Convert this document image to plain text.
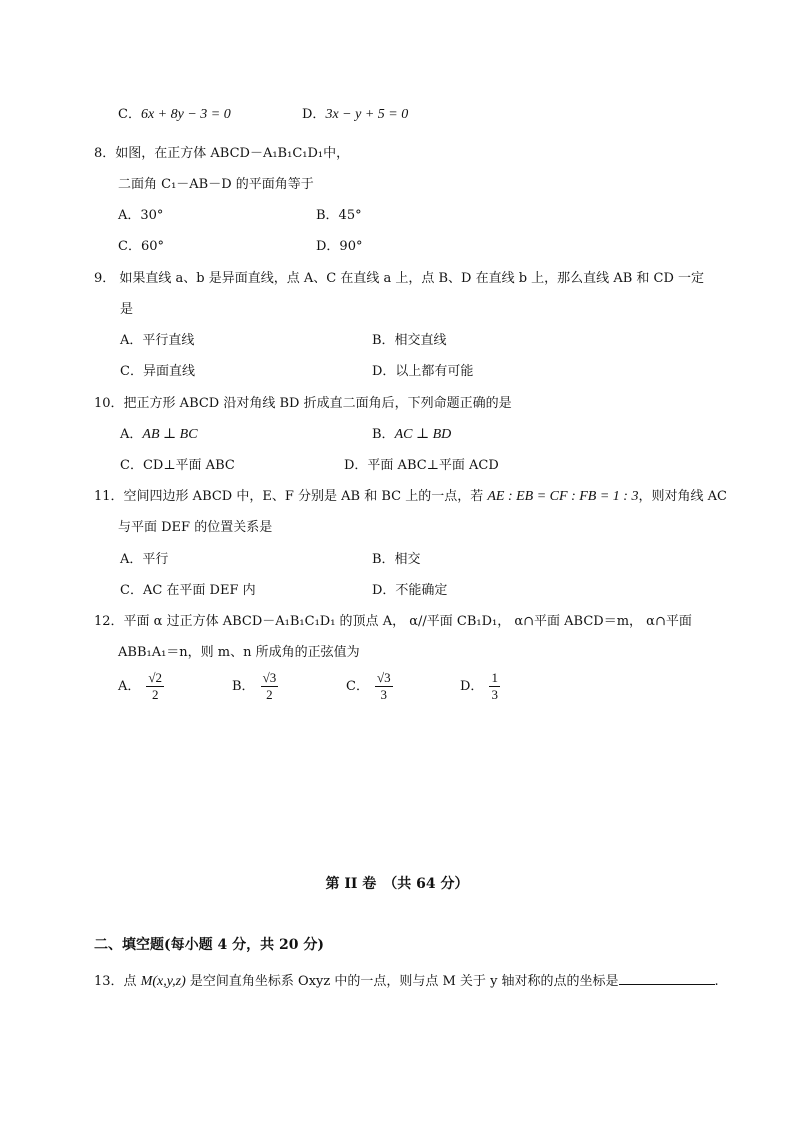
C．6x + 8y − 3 = 0	D．3x − y + 5 = 0
8．如图，在正方体 ABCD－A₁B₁C₁D₁中，
二面角 C₁－AB－D 的平面角等于
A．30°	B．45°
C．60°	D．90°
9． 如果直线 a、b 是异面直线，点 A、C 在直线 a 上，点 B、D 在直线 b 上，那么直线 AB 和 CD 一定
是
A．平行直线	B．相交直线
C．异面直线	D．以上都有可能
10．把正方形 ABCD 沿对角线 BD 折成直二面角后，下列命题正确的是
A．AB ⊥ BC	B．AC ⊥ BD
C．CD⊥平面 ABC	D．平面 ABC⊥平面 ACD
11．空间四边形 ABCD 中，E、F 分别是 AB 和 BC 上的一点，若 AE : EB = CF : FB = 1 : 3，则对角线 AC
与平面 DEF 的位置关系是
A．平行	B．相交
C．AC 在平面 DEF 内	D．不能确定
12．平面 α 过正方体 ABCD－A₁B₁C₁D₁ 的顶点 A， α//平面 CB₁D₁， α∩平面 ABCD＝m， α∩平面
ABB₁A₁＝n，则 m、n 所成角的正弦值为
A． $\frac{√2}{2}$	B． $\frac{√3}{2}$	C． $\frac{√3}{3}$	D． $\frac{1}{3}$
第 II 卷　（共 64 分）
二、填空题(每小题 4 分，共 20 分)
13．点 M(x,y,z) 是空间直角坐标系 Oxyz 中的一点，则与点 M 关于 y 轴对称的点的坐标是	.
